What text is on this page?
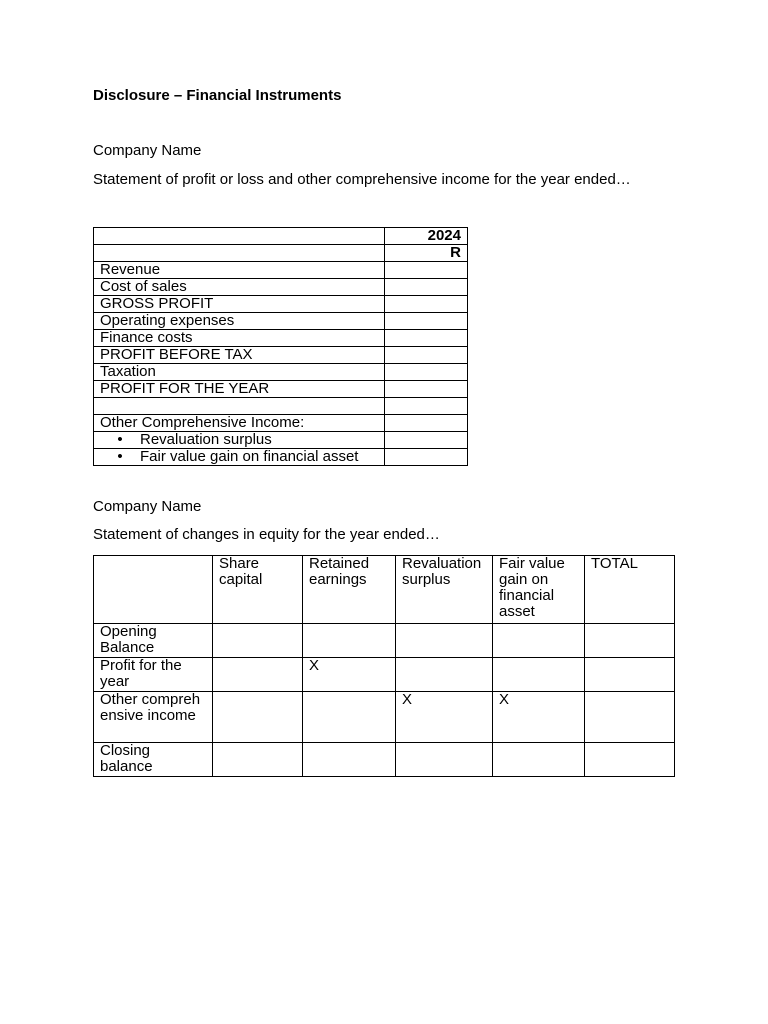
Disclosure – Financial Instruments

Company Name

Statement of profit or loss and other comprehensive income for the year ended…

	2024
	R
Revenue	
Cost of sales	
GROSS PROFIT	
Operating expenses	
Finance costs	
PROFIT BEFORE TAX	
Taxation	
PROFIT FOR THE YEAR	

Other Comprehensive Income:	
• Revaluation surplus	
• Fair value gain on financial asset	

Company Name

Statement of changes in equity for the year ended…

	Share capital	Retained earnings	Revaluation surplus	Fair value gain on financial asset	TOTAL
Opening Balance					
Profit for the year		X			
Other comprehensive income			X	X	
Closing balance					
